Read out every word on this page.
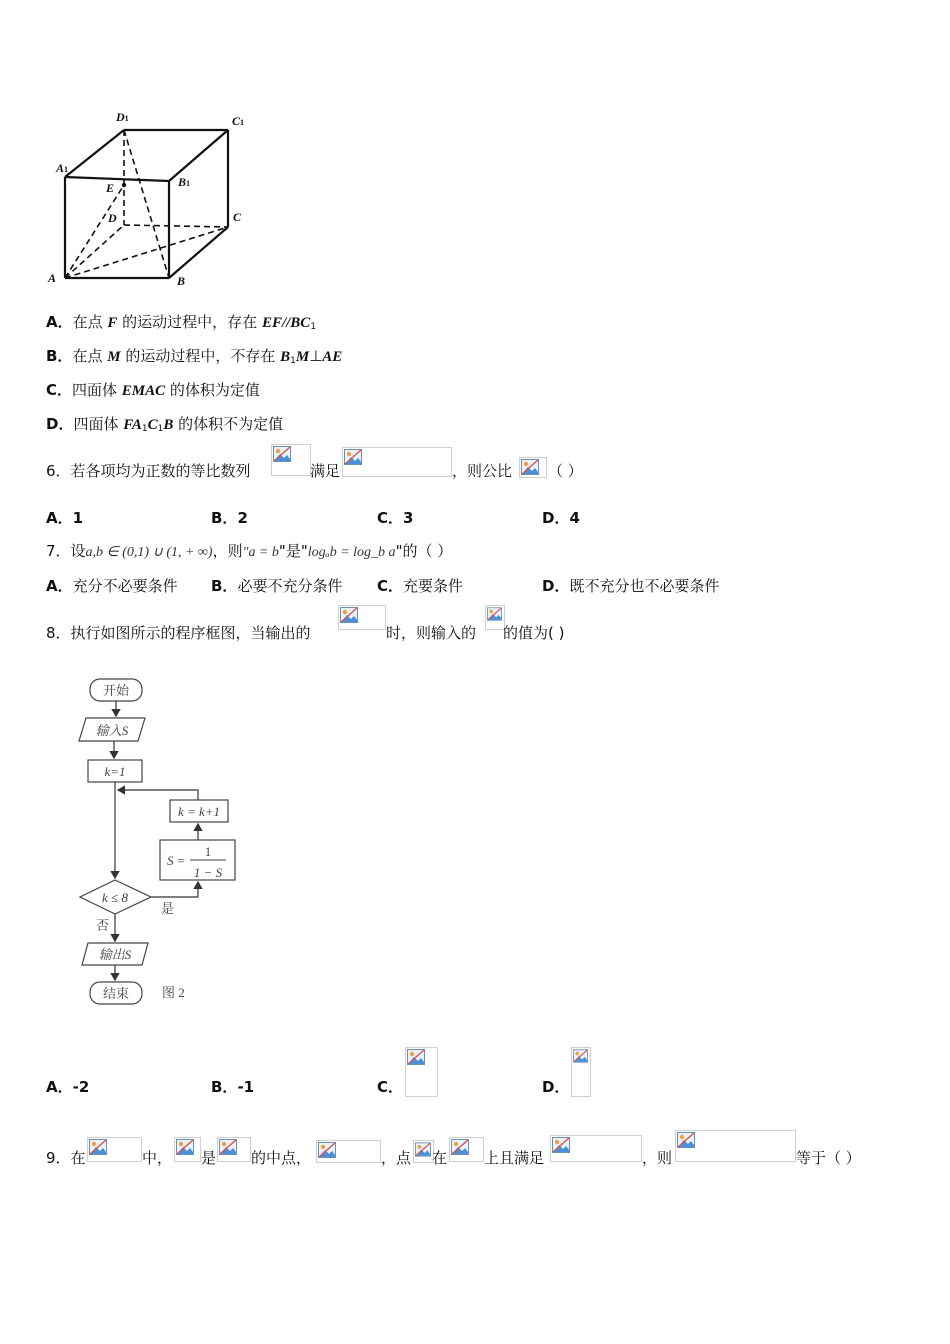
D1	C1
A1
B1
E
D	C
A	B
A．在点 F 的运动过程中，存在 $EF//BC_1$
B．在点 M 的运动过程中，不存在 $B_1M\perp AE$
C．四面体 EMAC 的体积为定值
D．四面体 $FA_1C_1B$ 的体积不为定值
6．若各项均为正数的等比数列	满足	，则公比 （ ）
A．1	B．2	C．3	D．4
7．设a,b ∈ (0,1) ∪ (1, + ∞)，则"a = b"是"logₐb = log_b a"的（ ）
A．充分不必要条件 B．必要不充分条件 C．充要条件	D．既不充分也不必要条件
8．执行如图所示的程序框图，当输出的	时，则输入的 的值为( )
开始
输入S
k=1
k = k+1
S =
1
1 − S
k ≤ 8
是
否
输出S
结束	图 2
A．-2	B．-1	C．	D．
9．在	中， 是 的中点，	，点 在 上且满足	，则	等于（ ）
